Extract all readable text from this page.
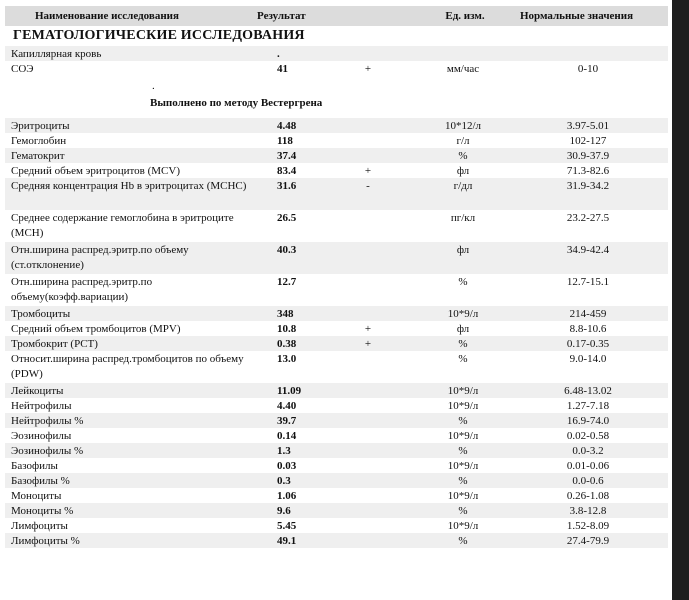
Наименование исследования	Результат	Ед. изм.	Нормальные значения
ГЕМАТОЛОГИЧЕСКИЕ ИССЛЕДОВАНИЯ
Капиллярная кровь	.
СОЭ	41	+	мм/час	0-10
.
Выполнено по методу Вестергрена
Эритроциты	4.48	10*12/л	3.97-5.01
Гемоглобин	118	г/л	102-127
Гематокрит	37.4	%	30.9-37.9
Средний объем эритроцитов (MCV)	83.4	+	фл	71.3-82.6
Средняя концентрация Hb в эритроцитах (MCHC)	31.6	-	г/дл	31.9-34.2
Среднее содержание гемоглобина в эритроците (MCH)
26.5	пг/кл	23.2-27.5
Отн.ширина распред.эритр.по объему (ст.отклонение)
40.3	фл	34.9-42.4
Отн.ширина распред.эритр.по объему(коэфф.вариации)
12.7	%	12.7-15.1
Тромбоциты	348	10*9/л	214-459
Средний объем тромбоцитов (MPV)	10.8	+	фл	8.8-10.6
Тромбокрит (PCT)	0.38	+	%	0.17-0.35
Относит.ширина распред.тромбоцитов по объему (PDW)
13.0	%	9.0-14.0
Лейкоциты	11.09	10*9/л	6.48-13.02
Нейтрофилы	4.40	10*9/л	1.27-7.18
Нейтрофилы %	39.7	%	16.9-74.0
Эозинофилы	0.14	10*9/л	0.02-0.58
Эозинофилы %	1.3	%	0.0-3.2
Базофилы	0.03	10*9/л	0.01-0.06
Базофилы %	0.3	%	0.0-0.6
Моноциты	1.06	10*9/л	0.26-1.08
Моноциты %	9.6	%	3.8-12.8
Лимфоциты	5.45	10*9/л	1.52-8.09
Лимфоциты %	49.1	%	27.4-79.9
